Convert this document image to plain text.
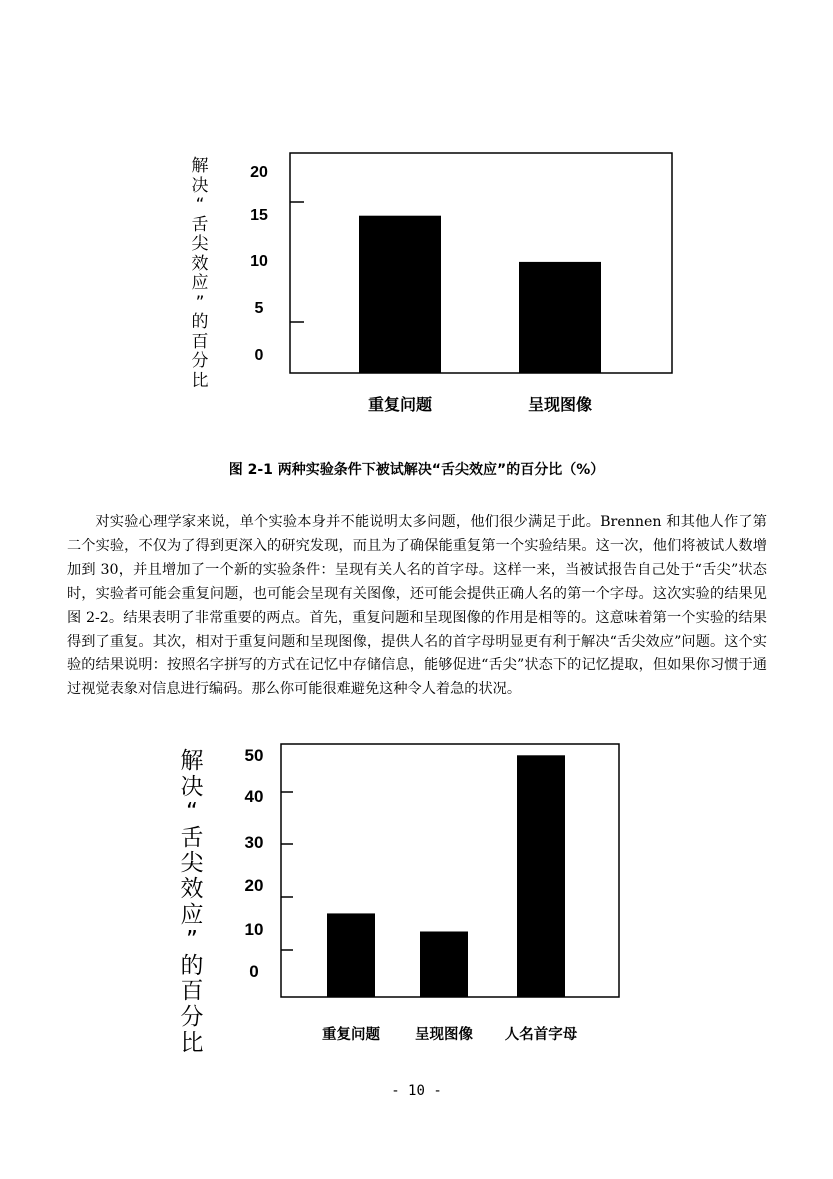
解
决
“
舌
尖
效
应
”
的
百
分
比
20
15
10
5
0
重复问题	呈现图像
图 2-1 两种实验条件下被试解决“舌尖效应”的百分比（%）

对实验心理学家来说，单个实验本身并不能说明太多问题，他们很少满足于此。Brennen 和其他人作了第二个实验，不仅为了得到更深入的研究发现，而且为了确保能重复第一个实验结果。这一次，他们将被试人数增加到 30，并且增加了一个新的实验条件：呈现有关人名的首字母。这样一来，当被试报告自己处于“舌尖”状态时，实验者可能会重复问题，也可能会呈现有关图像，还可能会提供正确人名的第一个字母。这次实验的结果见图 2-2。结果表明了非常重要的两点。首先，重复问题和呈现图像的作用是相等的。这意味着第一个实验的结果得到了重复。其次，相对于重复问题和呈现图像，提供人名的首字母明显更有利于解决“舌尖效应”问题。这个实验的结果说明：按照名字拼写的方式在记忆中存储信息，能够促进“舌尖”状态下的记忆提取，但如果你习惯于通过视觉表象对信息进行编码。那么你可能很难避免这种令人着急的状况。

解
决
“
舌
尖
效
应
”
的
百
分
比
50
40
30
20
10
0
重复问题 呈现图像 人名首字母
- 10 -
